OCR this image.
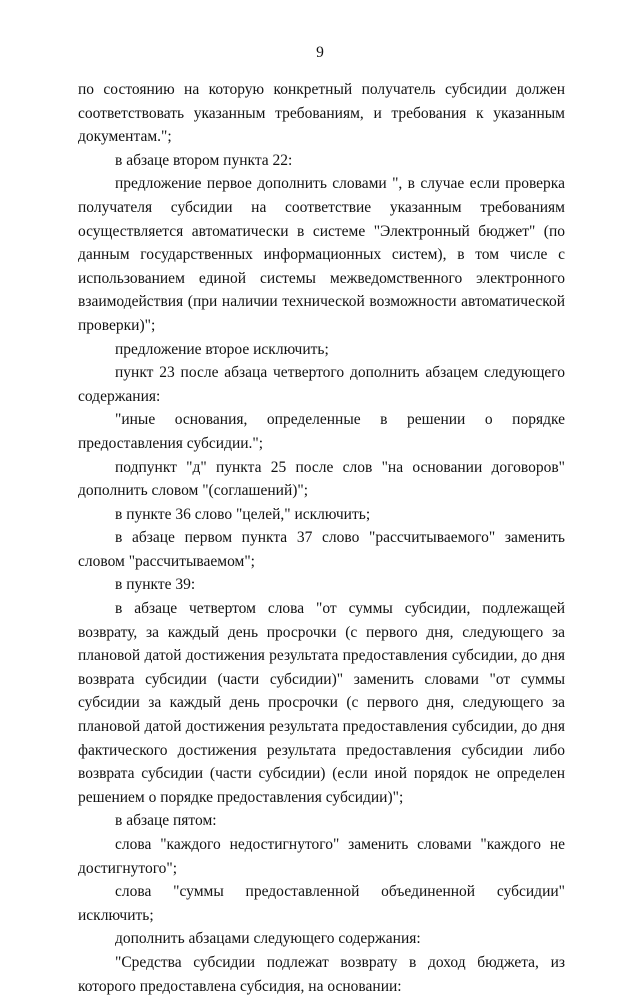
9

по состоянию на которую конкретный получатель субсидии должен соответствовать указанным требованиям, и требования к указанным документам.";

в абзаце втором пункта 22:

предложение первое дополнить словами ", в случае если проверка получателя субсидии на соответствие указанным требованиям осуществляется автоматически в системе "Электронный бюджет" (по данным государственных информационных систем), в том числе с использованием единой системы межведомственного электронного взаимодействия (при наличии технической возможности автоматической проверки)";

предложение второе исключить;

пункт 23 после абзаца четвертого дополнить абзацем следующего содержания:

"иные основания, определенные в решении о порядке предоставления субсидии.";

подпункт "д" пункта 25 после слов "на основании договоров" дополнить словом "(соглашений)";

в пункте 36 слово "целей," исключить;

в абзаце первом пункта 37 слово "рассчитываемого" заменить словом "рассчитываемом";

в пункте 39:

в абзаце четвертом слова "от суммы субсидии, подлежащей возврату, за каждый день просрочки (с первого дня, следующего за плановой датой достижения результата предоставления субсидии, до дня возврата субсидии (части субсидии)" заменить словами "от суммы субсидии за каждый день просрочки (с первого дня, следующего за плановой датой достижения результата предоставления субсидии, до дня фактического достижения результата предоставления субсидии либо возврата субсидии (части субсидии) (если иной порядок не определен решением о порядке предоставления субсидии)";

в абзаце пятом:

слова "каждого недостигнутого" заменить словами "каждого не достигнутого";

слова "суммы предоставленной объединенной субсидии" исключить;

дополнить абзацами следующего содержания:

"Средства субсидии подлежат возврату в доход бюджета, из которого предоставлена субсидия, на основании:
